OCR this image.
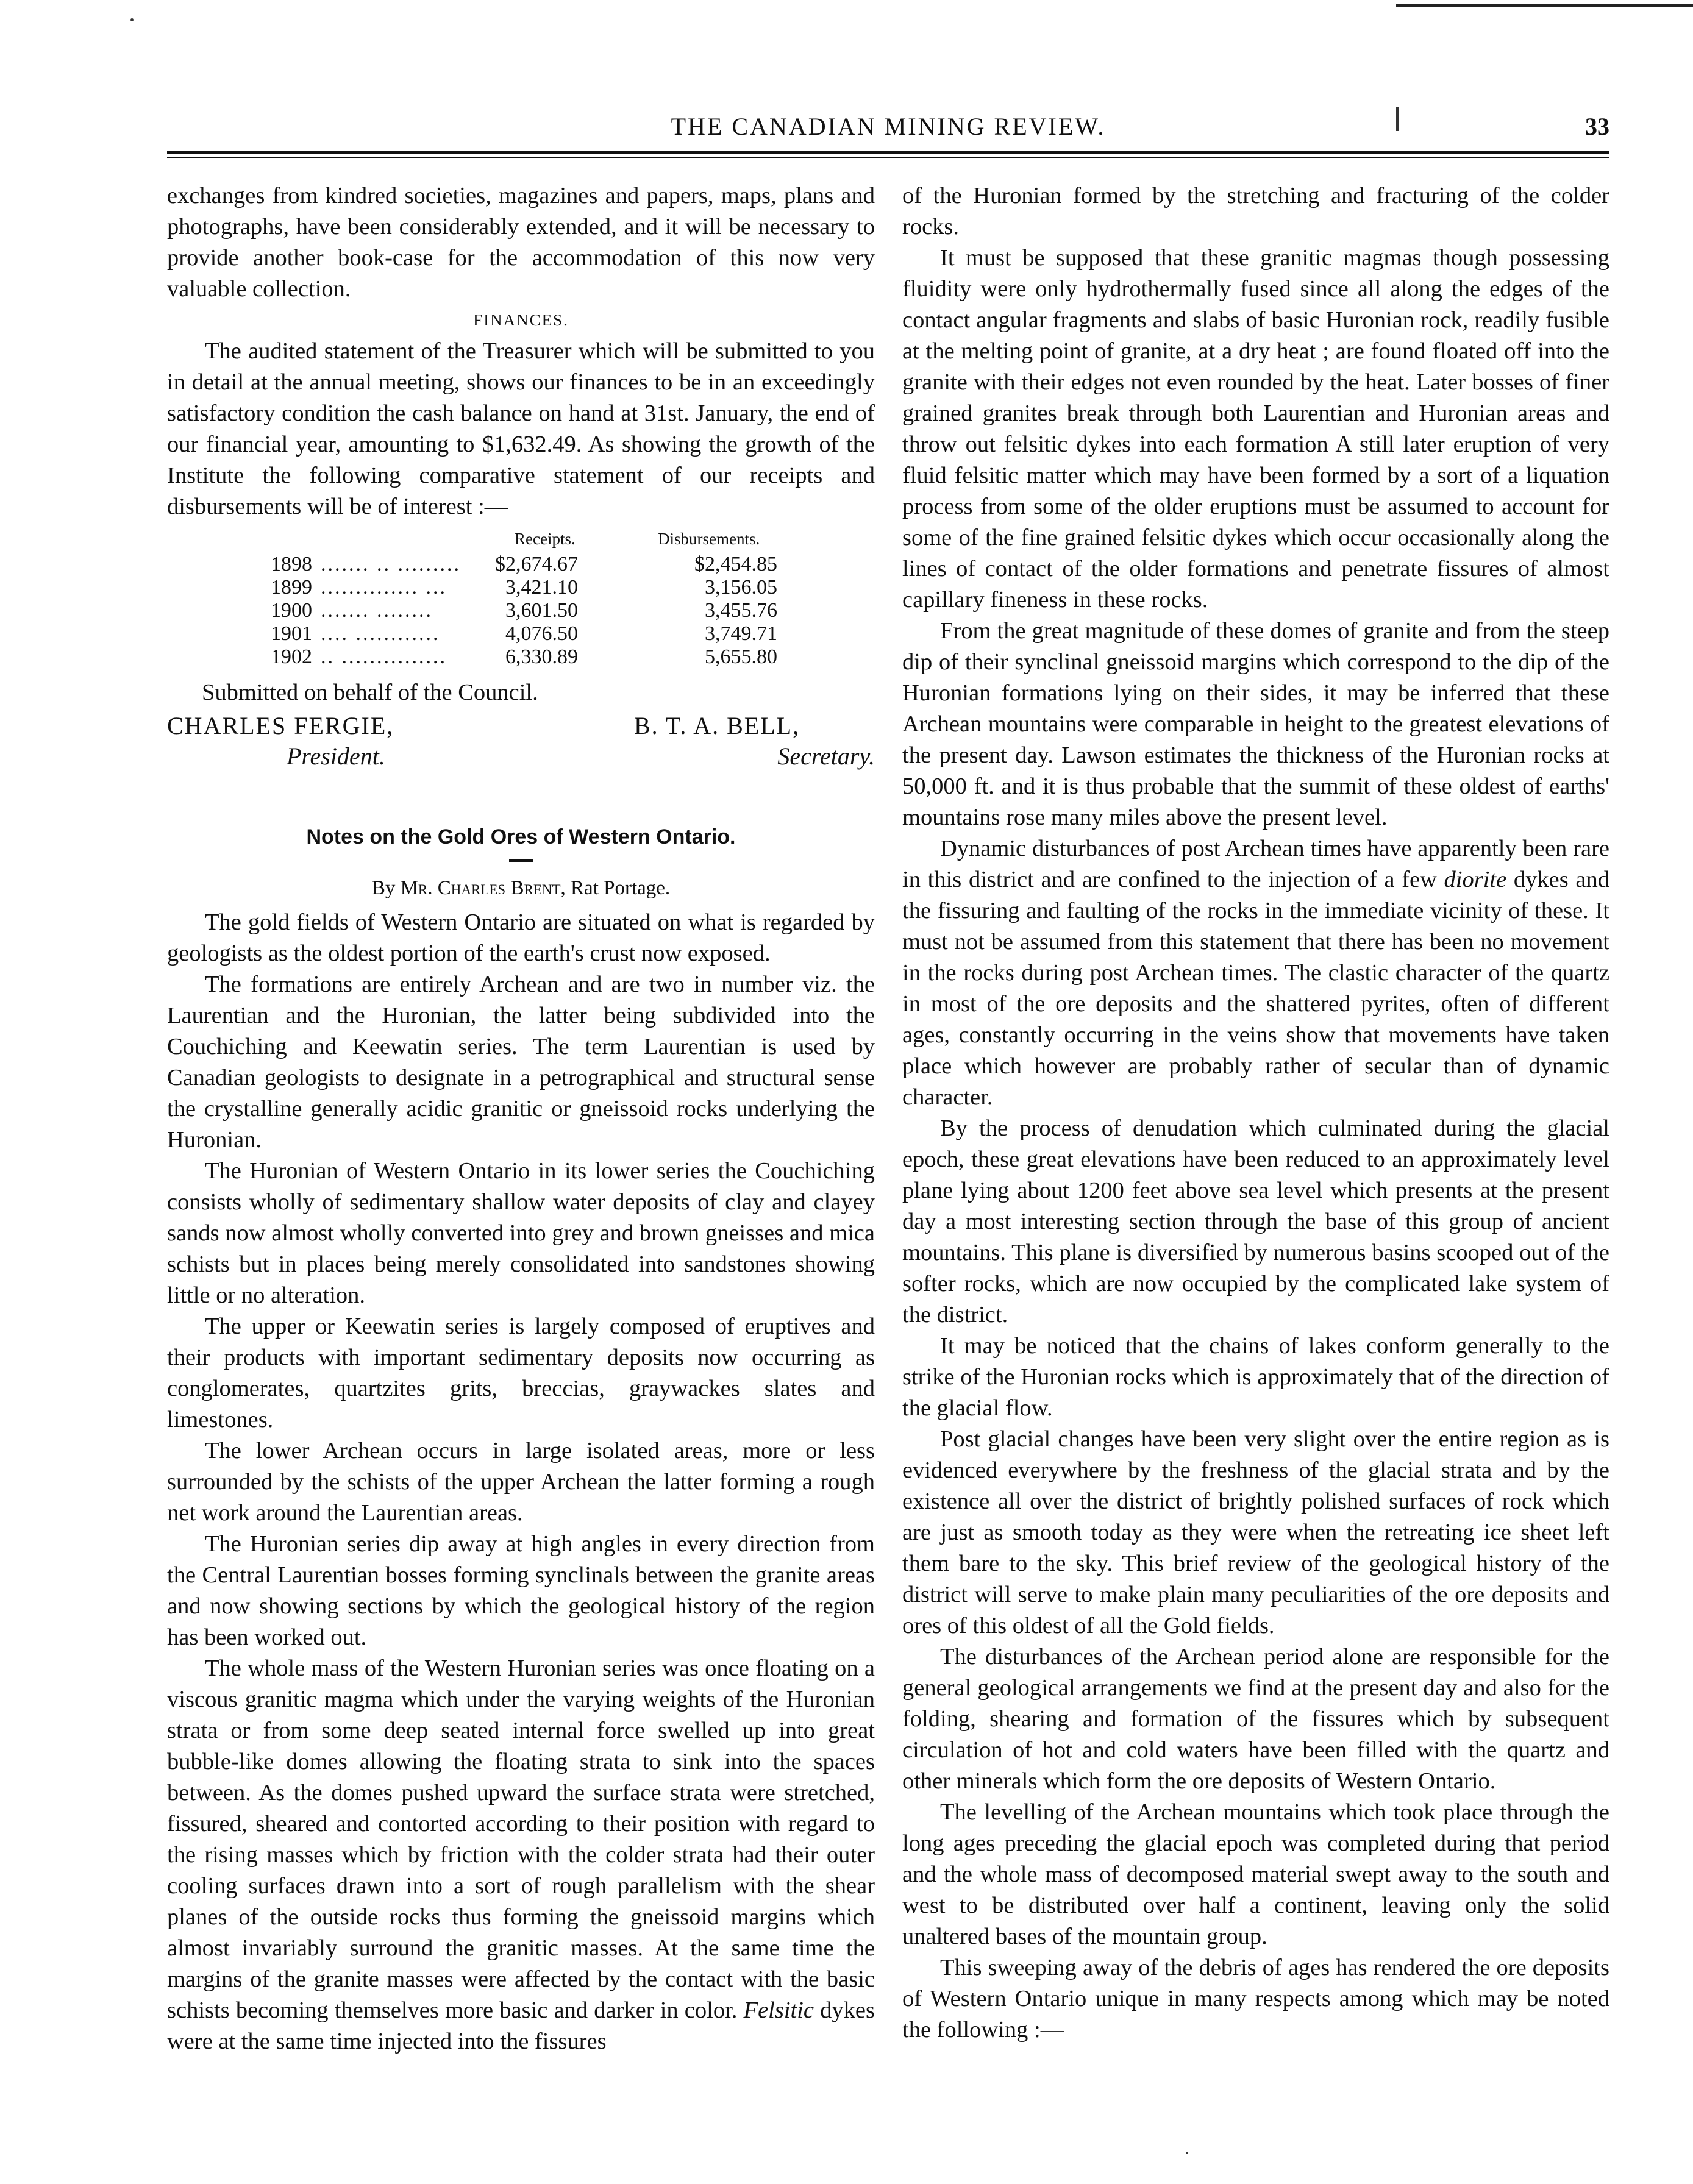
THE CANADIAN MINING REVIEW.	33

exchanges from kindred societies, magazines and papers, maps, plans and photographs, have been considerably extended, and it will be necessary to provide another book-case for the accommodation of this now very valuable collection.

FINANCES.

The audited statement of the Treasurer which will be submitted to you in detail at the annual meeting, shows our finances to be in an exceedingly satisfactory condition the cash balance on hand at 31st. January, the end of our financial year, amounting to $1,632.49. As showing the growth of the Institute the following comparative statement of our receipts and disbursements will be of interest :—

Receipts.	Disbursements.
1898 ....... .. .........	$2,674.67	$2,454.85
1899 .............. ...	3,421.10	3,156.05
1900 ....... ........	3,601.50	3,455.76
1901 .... ............	4,076.50	3,749.71
1902 .. ...............	6,330.89	5,655.80
Submitted on behalf of the Council.
CHARLES FERGIE,
President.
B. T. A. BELL,
Secretary.
Notes on the Gold Ores of Western Ontario.
By Mr. Charles Brent, Rat Portage.

The gold fields of Western Ontario are situated on what is regarded by geologists as the oldest portion of the earth's crust now exposed.

The formations are entirely Archean and are two in number viz. the Laurentian and the Huronian, the latter being subdivided into the Couchiching and Keewatin series. The term Laurentian is used by Canadian geologists to designate in a petrographical and structural sense the crystalline generally acidic granitic or gneissoid rocks underlying the Huronian.

The Huronian of Western Ontario in its lower series the Couchiching consists wholly of sedimentary shallow water deposits of clay and clayey sands now almost wholly converted into grey and brown gneisses and mica schists but in places being merely consolidated into sandstones showing little or no alteration.

The upper or Keewatin series is largely composed of eruptives and their products with important sedimentary deposits now occurring as conglomerates, quartzites grits, breccias, graywackes slates and limestones.

The lower Archean occurs in large isolated areas, more or less surrounded by the schists of the upper Archean the latter forming a rough net work around the Laurentian areas.

The Huronian series dip away at high angles in every direction from the Central Laurentian bosses forming synclinals between the granite areas and now showing sections by which the geological history of the region has been worked out.

The whole mass of the Western Huronian series was once floating on a viscous granitic magma which under the varying weights of the Huronian strata or from some deep seated internal force swelled up into great bubble-like domes allowing the floating strata to sink into the spaces between. As the domes pushed upward the surface strata were stretched, fissured, sheared and contorted according to their position with regard to the rising masses which by friction with the colder strata had their outer cooling surfaces drawn into a sort of rough parallelism with the shear planes of the outside rocks thus forming the gneissoid margins which almost invariably surround the granitic masses. At the same time the margins of the granite masses were affected by the contact with the basic schists becoming themselves more basic and darker in color. Felsitic dykes were at the same time injected into the fissures

of the Huronian formed by the stretching and fracturing of the colder rocks.

It must be supposed that these granitic magmas though possessing fluidity were only hydrothermally fused since all along the edges of the contact angular fragments and slabs of basic Huronian rock, readily fusible at the melting point of granite, at a dry heat ; are found floated off into the granite with their edges not even rounded by the heat. Later bosses of finer grained granites break through both Laurentian and Huronian areas and throw out felsitic dykes into each formation A still later eruption of very fluid felsitic matter which may have been formed by a sort of a liquation process from some of the older eruptions must be assumed to account for some of the fine grained felsitic dykes which occur occasionally along the lines of contact of the older formations and penetrate fissures of almost capillary fineness in these rocks.

From the great magnitude of these domes of granite and from the steep dip of their synclinal gneissoid margins which correspond to the dip of the Huronian formations lying on their sides, it may be inferred that these Archean mountains were comparable in height to the greatest elevations of the present day. Lawson estimates the thickness of the Huronian rocks at 50,000 ft. and it is thus probable that the summit of these oldest of earths' mountains rose many miles above the present level.

Dynamic disturbances of post Archean times have apparently been rare in this district and are confined to the injection of a few diorite dykes and the fissuring and faulting of the rocks in the immediate vicinity of these. It must not be assumed from this statement that there has been no movement in the rocks during post Archean times. The clastic character of the quartz in most of the ore deposits and the shattered pyrites, often of different ages, constantly occurring in the veins show that movements have taken place which however are probably rather of secular than of dynamic character.

By the process of denudation which culminated during the glacial epoch, these great elevations have been reduced to an approximately level plane lying about 1200 feet above sea level which presents at the present day a most interesting section through the base of this group of ancient mountains. This plane is diversified by numerous basins scooped out of the softer rocks, which are now occupied by the complicated lake system of the district.

It may be noticed that the chains of lakes conform generally to the strike of the Huronian rocks which is approximately that of the direction of the glacial flow.

Post glacial changes have been very slight over the entire region as is evidenced everywhere by the freshness of the glacial strata and by the existence all over the district of brightly polished surfaces of rock which are just as smooth today as they were when the retreating ice sheet left them bare to the sky. This brief review of the geological history of the district will serve to make plain many peculiarities of the ore deposits and ores of this oldest of all the Gold fields.

The disturbances of the Archean period alone are responsible for the general geological arrangements we find at the present day and also for the folding, shearing and formation of the fissures which by subsequent circulation of hot and cold waters have been filled with the quartz and other minerals which form the ore deposits of Western Ontario.

The levelling of the Archean mountains which took place through the long ages preceding the glacial epoch was completed during that period and the whole mass of decomposed material swept away to the south and west to be distributed over half a continent, leaving only the solid unaltered bases of the mountain group.

This sweeping away of the debris of ages has rendered the ore deposits of Western Ontario unique in many respects among which may be noted the following :—
